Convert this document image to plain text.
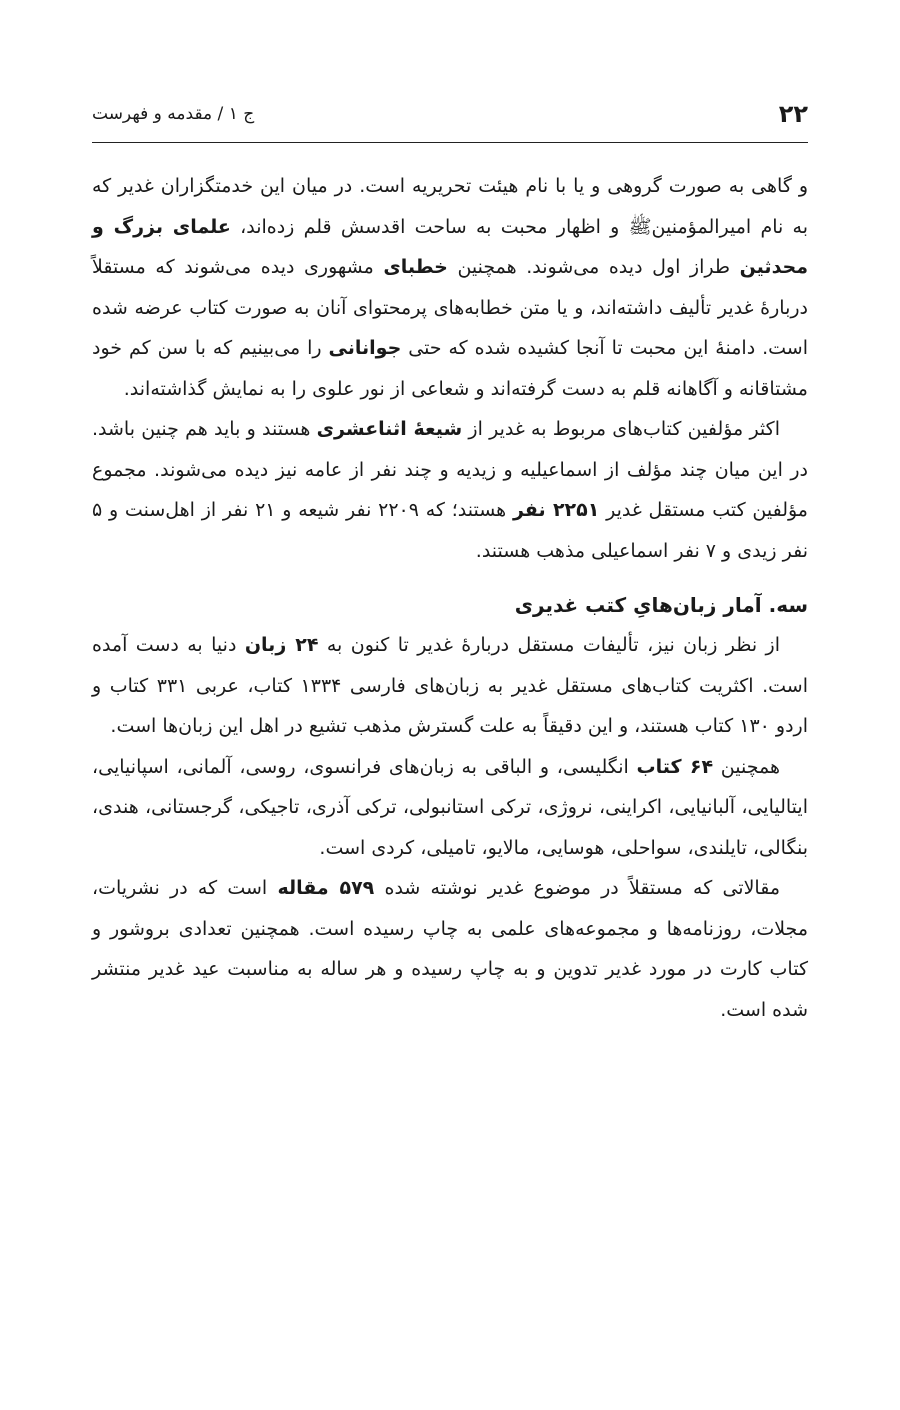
۲۲
ج ۱ / مقدمه و فهرست

و گاهی به صورت گروهی و یا با نام هیئت تحریریه است. در میان این خدمتگزاران غدیر که به نام امیرالمؤمنینﷺ و اظهار محبت به ساحت اقدسش قلم زده‌اند، علمای بزرگ و محدثین طراز اول دیده می‌شوند. همچنین خطبای مشهوری دیده می‌شوند که مستقلاً دربارهٔ غدیر تألیف داشته‌اند، و یا متن خطابه‌های پرمحتوای آنان به صورت کتاب عرضه شده است. دامنهٔ این محبت تا آنجا کشیده شده که حتی جوانانی را می‌بینیم که با سن کم خود مشتاقانه و آگاهانه قلم به دست گرفته‌اند و شعاعی از نور علوی را به نمایش گذاشته‌اند.

اکثر مؤلفین کتاب‌های مربوط به غدیر از شیعهٔ اثناعشری هستند و باید هم چنین باشد. در این میان چند مؤلف از اسماعیلیه و زیدیه و چند نفر از عامه نیز دیده می‌شوند. مجموع مؤلفین کتب مستقل غدیر ۲۲۵۱ نفر هستند؛ که ۲۲۰۹ نفر شیعه و ۲۱ نفر از اهل‌سنت و ۵ نفر زیدی و ۷ نفر اسماعیلی مذهب هستند.

سه. آمار زبان‌هایِ کتب غدیری

از نظر زبان نیز، تألیفات مستقل دربارهٔ غدیر تا کنون به ۲۴ زبان دنیا به دست آمده است. اکثریت کتاب‌های مستقل غدیر به زبان‌های فارسی ۱۳۳۴ کتاب، عربی ۳۳۱ کتاب و اردو ۱۳۰ کتاب هستند، و این دقیقاً به علت گسترش مذهب تشیع در اهل این زبان‌ها است.

همچنین ۶۴ کتاب انگلیسی، و الباقی به زبان‌های فرانسوی، روسی، آلمانی، اسپانیایی، ایتالیایی، آلبانیایی، اکراینی، نروژی، ترکی استانبولی، ترکی آذری، تاجیکی، گرجستانی، هندی، بنگالی، تایلندی، سواحلی، هوسایی، مالایو، تامیلی، کردی است.

مقالاتی که مستقلاً در موضوع غدیر نوشته شده ۵۷۹ مقاله است که در نشریات، مجلات، روزنامه‌ها و مجموعه‌های علمی به چاپ رسیده است. همچنین تعدادی بروشور و کتاب کارت در مورد غدیر تدوین و به چاپ رسیده و هر ساله به مناسبت عید غدیر منتشر شده است.
